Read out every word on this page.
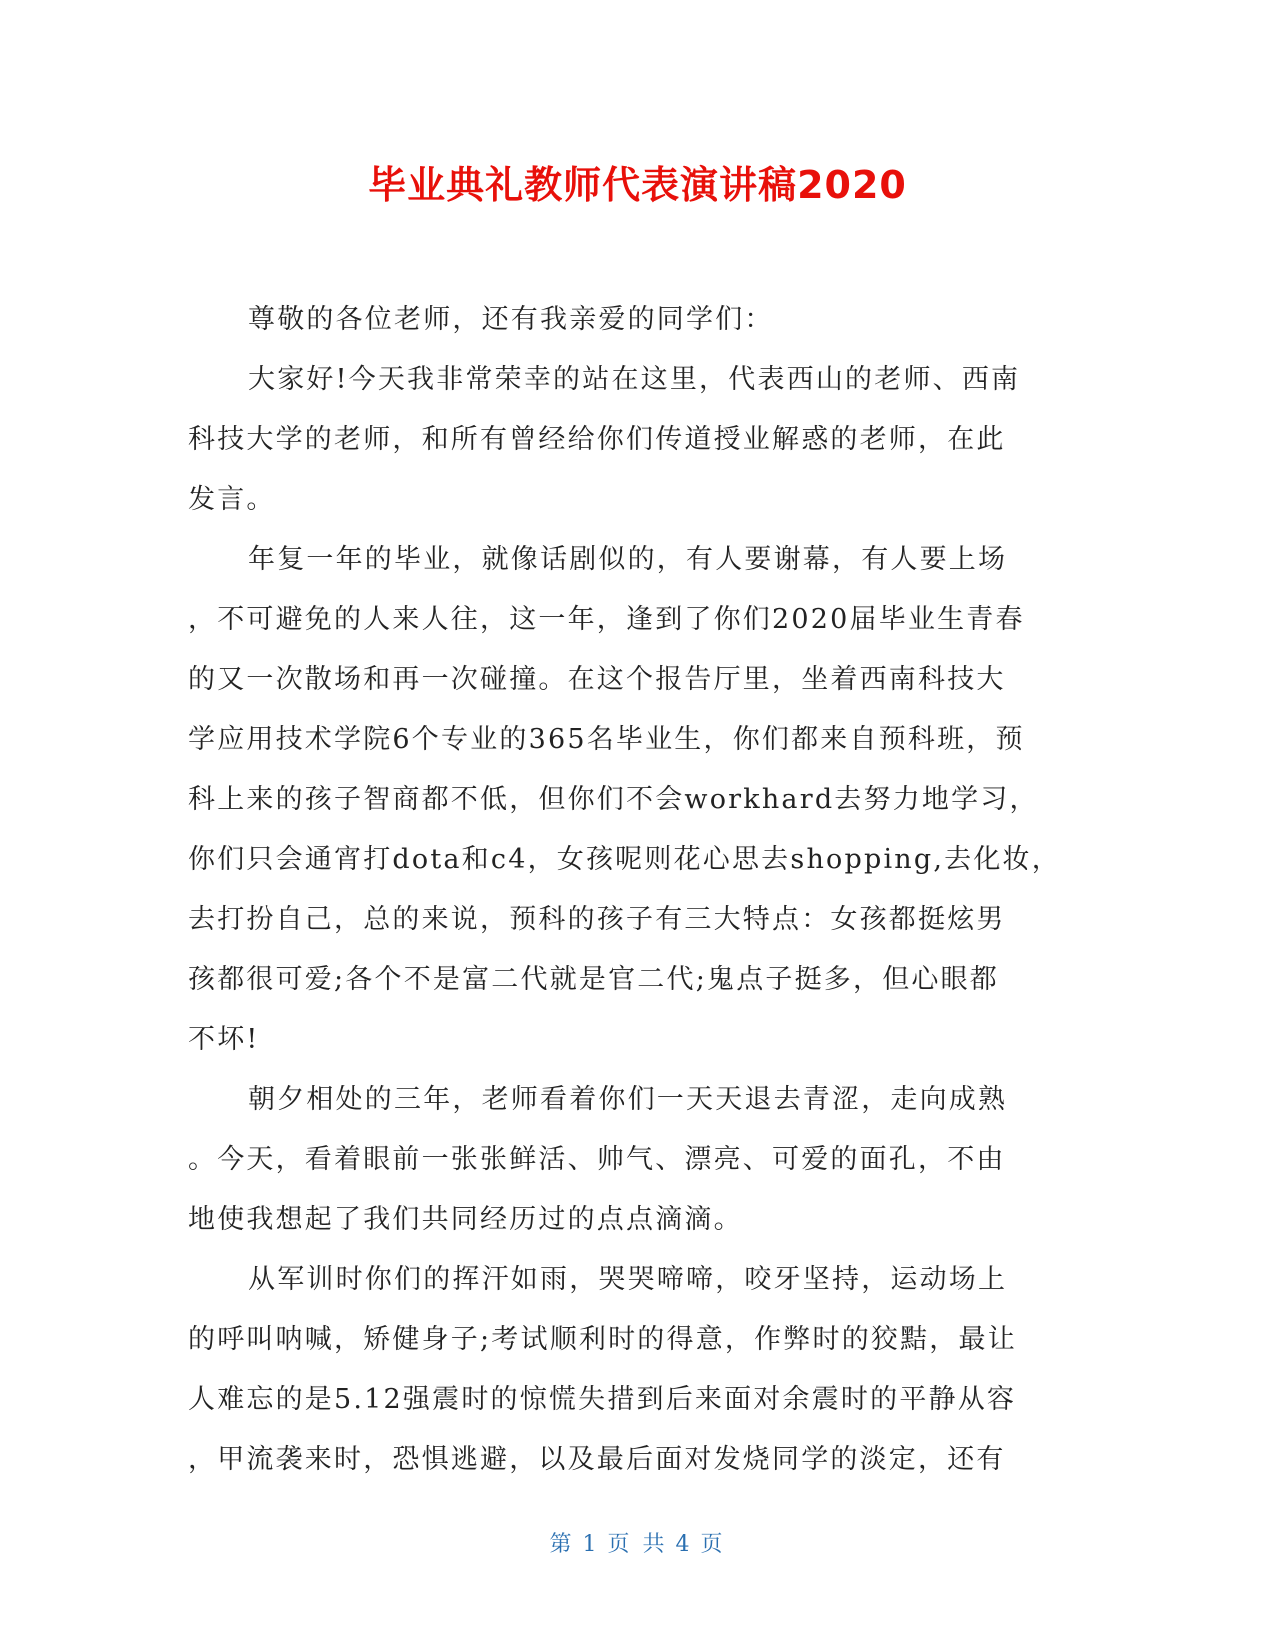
毕业典礼教师代表演讲稿2020
尊敬的各位老师，还有我亲爱的同学们：
大家好!今天我非常荣幸的站在这里，代表西山的老师、西南
科技大学的老师，和所有曾经给你们传道授业解惑的老师，在此
发言。
年复一年的毕业，就像话剧似的，有人要谢幕，有人要上场
，不可避免的人来人往，这一年，逢到了你们2020届毕业生青春
的又一次散场和再一次碰撞。在这个报告厅里，坐着西南科技大
学应用技术学院6个专业的365名毕业生，你们都来自预科班，预
科上来的孩子智商都不低，但你们不会workhard去努力地学习，
你们只会通宵打dota和c4，女孩呢则花心思去shopping,去化妆，
去打扮自己，总的来说，预科的孩子有三大特点：女孩都挺炫男
孩都很可爱;各个不是富二代就是官二代;鬼点子挺多，但心眼都
不坏!
朝夕相处的三年，老师看着你们一天天退去青涩，走向成熟
。今天，看着眼前一张张鲜活、帅气、漂亮、可爱的面孔，不由
地使我想起了我们共同经历过的点点滴滴。
从军训时你们的挥汗如雨，哭哭啼啼，咬牙坚持，运动场上
的呼叫呐喊，矫健身子;考试顺利时的得意，作弊时的狡黠，最让
人难忘的是5.12强震时的惊慌失措到后来面对余震时的平静从容
，甲流袭来时，恐惧逃避，以及最后面对发烧同学的淡定，还有
第 1 页 共 4 页
